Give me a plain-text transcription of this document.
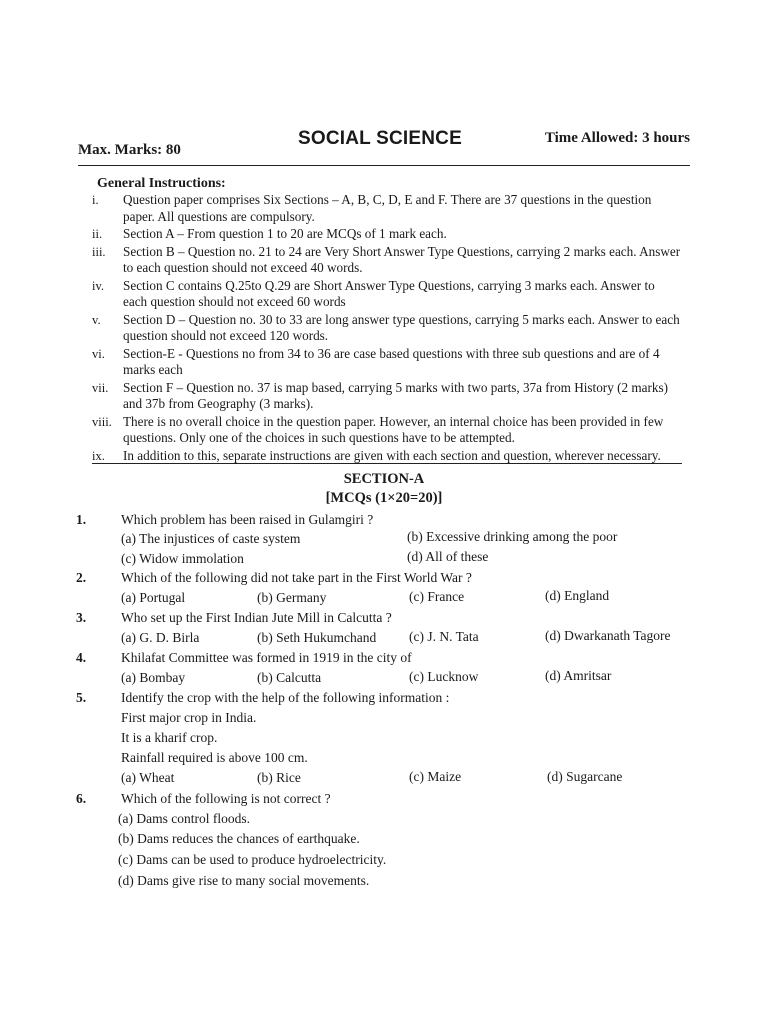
Max. Marks: 80
SOCIAL SCIENCE	Time Allowed: 3 hours
General Instructions:
i.	Question paper comprises Six Sections – A, B, C, D, E and F. There are 37 questions in the question paper. All questions are compulsory.
ii.	Section A – From question 1 to 20 are MCQs of 1 mark each.
iii.	Section B – Question no. 21 to 24 are Very Short Answer Type Questions, carrying 2 marks each. Answer to each question should not exceed 40 words.
iv.	Section C contains Q.25to Q.29 are Short Answer Type Questions, carrying 3 marks each. Answer to each question should not exceed 60 words
v.	Section D – Question no. 30 to 33 are long answer type questions, carrying 5 marks each. Answer to each question should not exceed 120 words.
vi.	Section-E - Questions no from 34 to 36 are case based questions with three sub questions and are of 4 marks each
vii.	Section F – Question no. 37 is map based, carrying 5 marks with two parts, 37a from History (2 marks) and 37b from Geography (3 marks).
viii. There is no overall choice in the question paper. However, an internal choice has been provided in few questions. Only one of the choices in such questions have to be attempted.
ix.	In addition to this, separate instructions are given with each section and question, wherever necessary.
SECTION-A
[MCQs (1×20=20)]
1.	Which problem has been raised in Gulamgiri ?
(a) The injustices of caste system	(b) Excessive drinking among the poor
(c) Widow immolation	(d) All of these
2.	Which of the following did not take part in the First World War ?
(a) Portugal	(b) Germany	(c) France	(d) England
3.	Who set up the First Indian Jute Mill in Calcutta ?
(a) G. D. Birla	(b) Seth Hukumchand (c) J. N. Tata	(d) Dwarkanath Tagore
4.	Khilafat Committee was formed in 1919 in the city of
(a) Bombay	(b) Calcutta	(c) Lucknow	(d) Amritsar
5.	Identify the crop with the help of the following information :
First major crop in India.
It is a kharif crop.
Rainfall required is above 100 cm.
(a) Wheat	(b) Rice	(c) Maize	(d) Sugarcane
6.	Which of the following is not correct ?
(a) Dams control floods.
(b) Dams reduces the chances of earthquake.
(c) Dams can be used to produce hydroelectricity.
(d) Dams give rise to many social movements.
